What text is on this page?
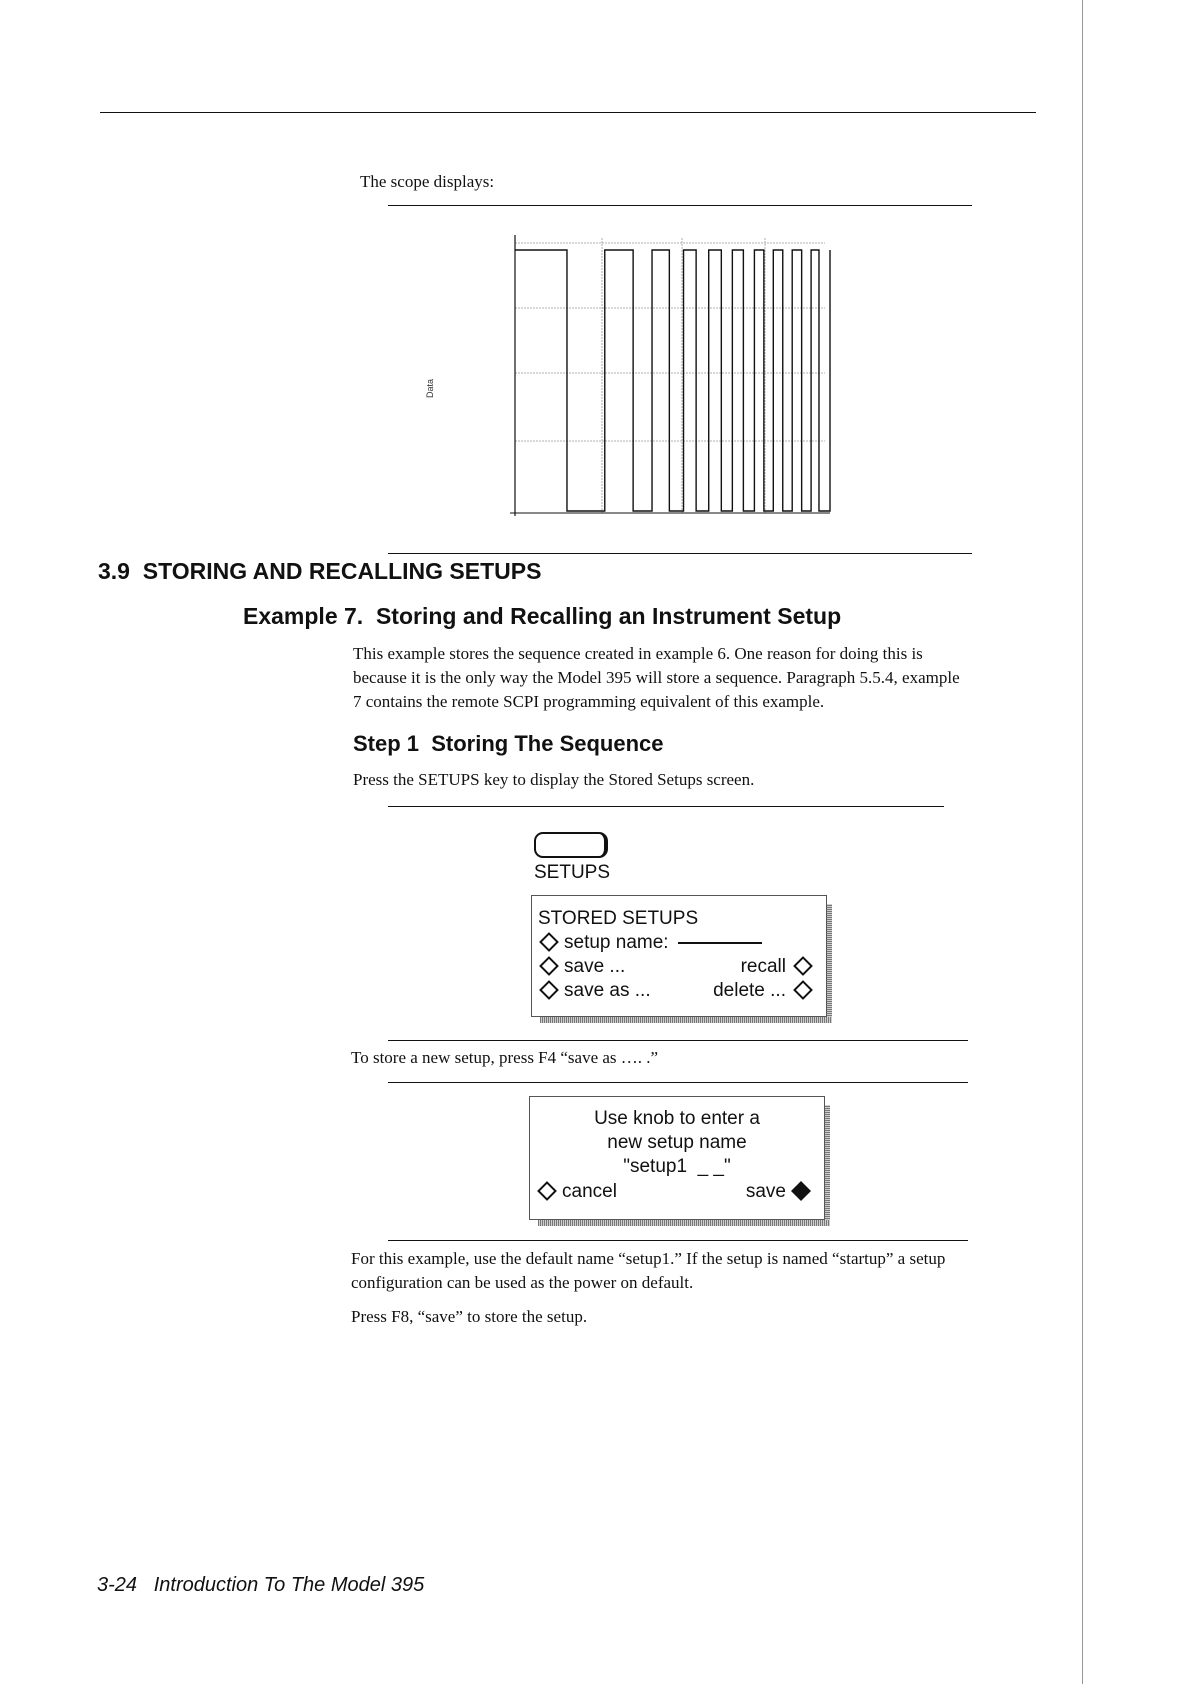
The scope displays:
Data
3.9 STORING AND RECALLING SETUPS
Example 7.  Storing and Recalling an Instrument Setup
This example stores the sequence created in example 6. One reason for doing this is
because it is the only way the Model 395 will store a sequence. Paragraph 5.5.4, example
7 contains the remote SCPI programming equivalent of this example.
Step 1  Storing The Sequence
Press the SETUPS key to display the Stored Setups screen.
SETUPS
STORED SETUPS
setup name:
save ...	recall
save as ...	delete ...
To store a new setup, press F4 “save as …. .”
Use knob to enter a
new setup name
"setup1  _ _"
cancel	save
For this example, use the default name “setup1.” If the setup is named “startup” a setup
configuration can be used as the power on default.
Press F8, “save” to store the setup.
3-24 Introduction To The Model 395
